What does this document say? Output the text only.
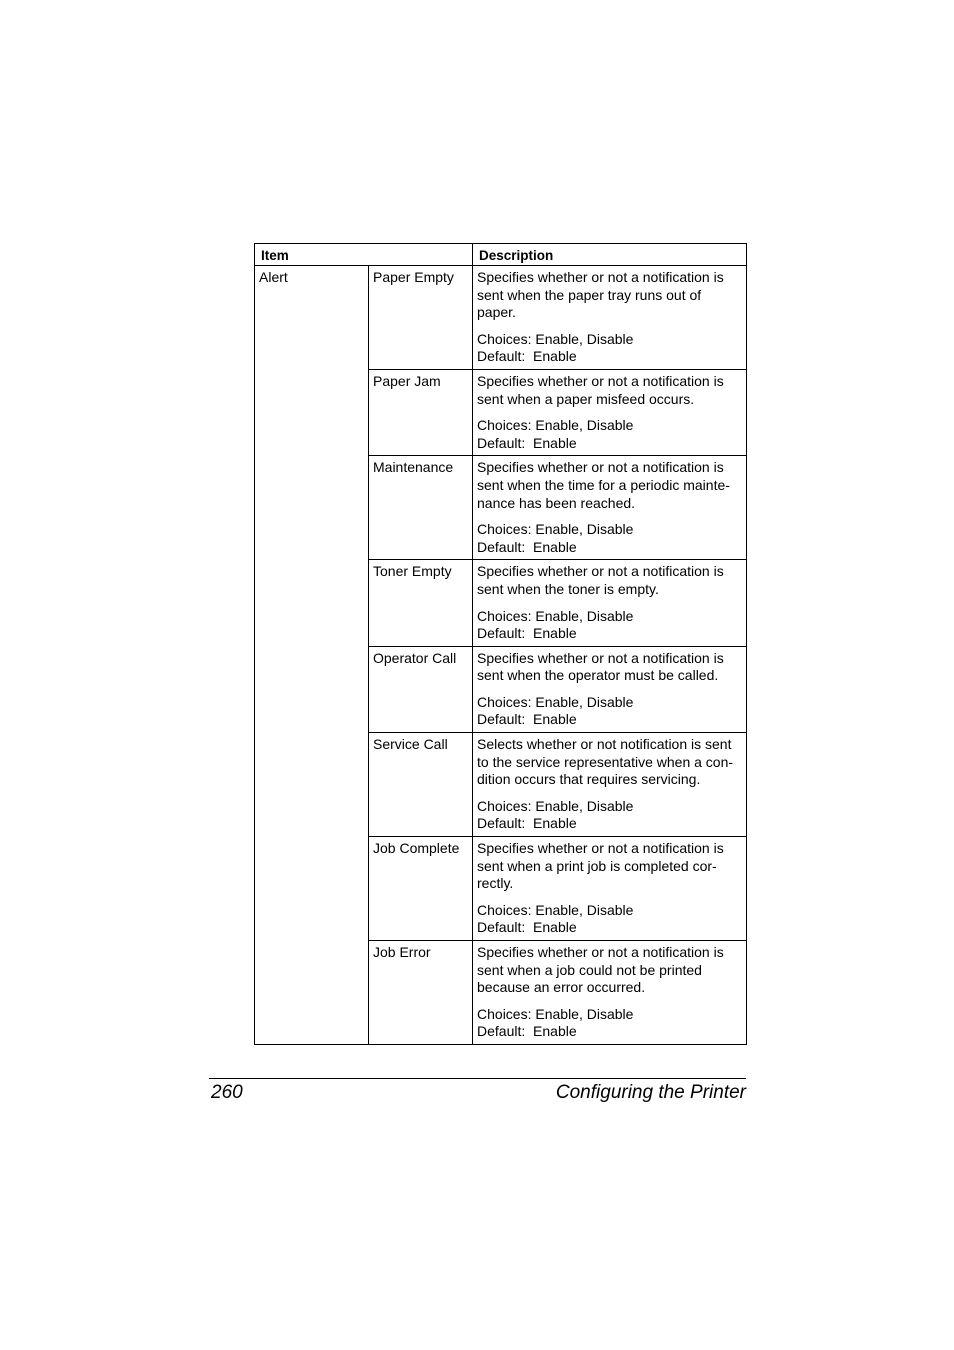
Item		Description
Alert	Paper Empty	Specifies whether or not a notification is sent when the paper tray runs out of paper.

Choices: Enable, Disable

Default:  Enable

	Paper Jam	Specifies whether or not a notification is sent when a paper misfeed occurs.

Choices: Enable, Disable

Default:  Enable

	Maintenance	Specifies whether or not a notification is sent when the time for a periodic mainte-nance has been reached.

Choices: Enable, Disable

Default:  Enable

	Toner Empty	Specifies whether or not a notification is sent when the toner is empty.

Choices: Enable, Disable

Default:  Enable

	Operator Call	Specifies whether or not a notification is sent when the operator must be called.

Choices: Enable, Disable

Default:  Enable

	Service Call	Selects whether or not notification is sent to the service representative when a con-dition occurs that requires servicing.

Choices: Enable, Disable

Default:  Enable

	Job Complete	Specifies whether or not a notification is sent when a print job is completed cor-rectly.

Choices: Enable, Disable

Default:  Enable

	Job Error	Specifies whether or not a notification is sent when a job could not be printed because an error occurred.

Choices: Enable, Disable

Default:  Enable

260	Configuring the Printer
